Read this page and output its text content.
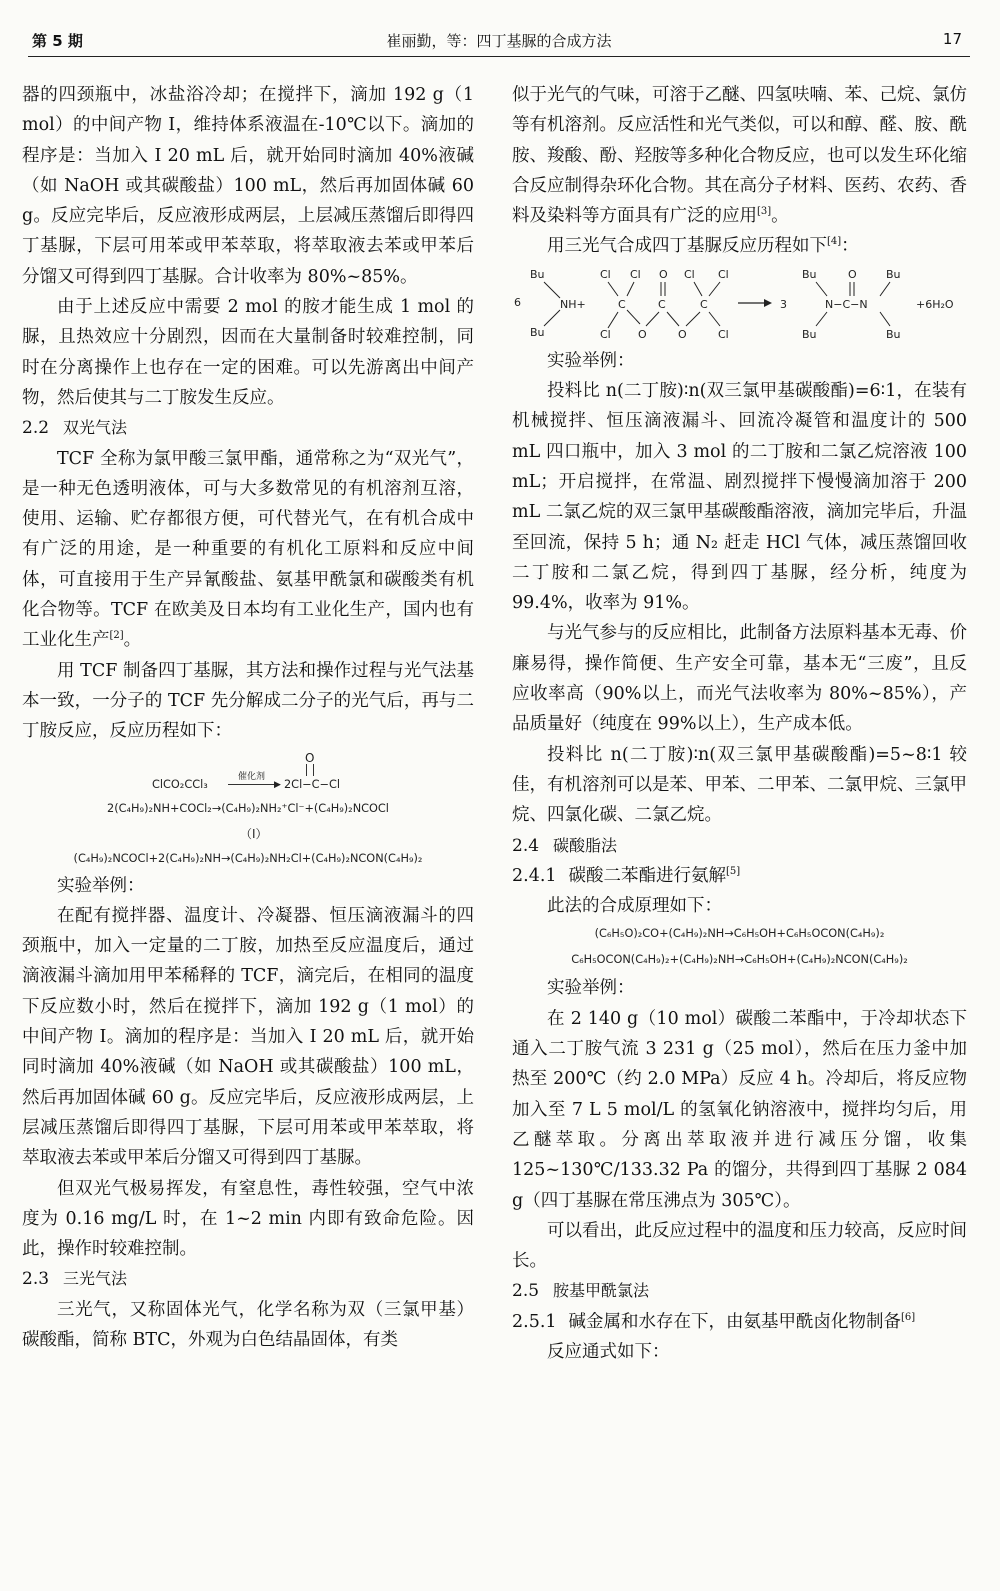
第 5 期	崔丽勤，等：四丁基脲的合成方法	17

器的四颈瓶中，冰盐浴冷却；在搅拌下，滴加 192 g（1 mol）的中间产物 I，维持体系液温在-10℃以下。滴加的程序是：当加入 I 20 mL 后，就开始同时滴加 40%液碱（如 NaOH 或其碳酸盐）100 mL，然后再加固体碱 60 g。反应完毕后，反应液形成两层，上层减压蒸馏后即得四丁基脲，下层可用苯或甲苯萃取，将萃取液去苯或甲苯后分馏又可得到四丁基脲。合计收率为 80%~85%。

由于上述反应中需要 2 mol 的胺才能生成 1 mol 的脲，且热效应十分剧烈，因而在大量制备时较难控制，同时在分离操作上也存在一定的困难。可以先游离出中间产物，然后使其与二丁胺发生反应。

2.2 双光气法

TCF 全称为氯甲酸三氯甲酯，通常称之为“双光气”，是一种无色透明液体，可与大多数常见的有机溶剂互溶，使用、运输、贮存都很方便，可代替光气，在有机合成中有广泛的用途，是一种重要的有机化工原料和反应中间体，可直接用于生产异氰酸盐、氨基甲酰氯和碳酸类有机化合物等。TCF 在欧美及日本均有工业化生产，国内也有工业化生产[2]。

用 TCF 制备四丁基脲，其方法和操作过程与光气法基本一致，一分子的 TCF 先分解成二分子的光气后，再与二丁胺反应，反应历程如下：

O
ClCO₂CCl₃
催化剂
▶ 2Cl−C−Cl
2(C₄H₉)₂NH+COCl₂→(C₄H₉)₂NH₂⁺Cl⁻+(C₄H₉)₂NCOCl
（I）
(C₄H₉)₂NCOCl+2(C₄H₉)₂NH→(C₄H₉)₂NH₂Cl+(C₄H₉)₂NCON(C₄H₉)₂

实验举例：

在配有搅拌器、温度计、冷凝器、恒压滴液漏斗的四颈瓶中，加入一定量的二丁胺，加热至反应温度后，通过滴液漏斗滴加用甲苯稀释的 TCF，滴完后，在相同的温度下反应数小时，然后在搅拌下，滴加 192 g（1 mol）的中间产物 I。滴加的程序是：当加入 I 20 mL 后，就开始同时滴加 40%液碱（如 NaOH 或其碳酸盐）100 mL，然后再加固体碱 60 g。反应完毕后，反应液形成两层，上层减压蒸馏后即得四丁基脲，下层可用苯或甲苯萃取，将萃取液去苯或甲苯后分馏又可得到四丁基脲。

但双光气极易挥发，有窒息性，毒性较强，空气中浓度为 0.16 mg/L 时，在 1~2 min 内即有致命危险。因此，操作时较难控制。

2.3 三光气法

三光气，又称固体光气，化学名称为双（三氯甲基）碳酸酯，简称 BTC，外观为白色结晶固体，有类

似于光气的气味，可溶于乙醚、四氢呋喃、苯、己烷、氯仿等有机溶剂。反应活性和光气类似，可以和醇、醛、胺、酰胺、羧酸、酚、羟胺等多种化合物反应，也可以发生环化缩合反应制得杂环化合物。其在高分子材料、医药、农药、香料及染料等方面具有广泛的应用[3]。

用三光气合成四丁基脲反应历程如下[4]：

6
Bu
Bu
NH+
Cl
Cl
C
Cl
O
C
O
O
C
Cl Cl
Cl
3
Bu
Bu
N−C−N
O	Bu
Bu
+6H₂O

实验举例：

投料比 n(二丁胺)∶n(双三氯甲基碳酸酯)=6∶1，在装有机械搅拌、恒压滴液漏斗、回流冷凝管和温度计的 500 mL 四口瓶中，加入 3 mol 的二丁胺和二氯乙烷溶液 100 mL；开启搅拌，在常温、剧烈搅拌下慢慢滴加溶于 200 mL 二氯乙烷的双三氯甲基碳酸酯溶液，滴加完毕后，升温至回流，保持 5 h；通 N₂ 赶走 HCl 气体，减压蒸馏回收二丁胺和二氯乙烷，得到四丁基脲，经分析，纯度为 99.4%，收率为 91%。

与光气参与的反应相比，此制备方法原料基本无毒、价廉易得，操作简便、生产安全可靠，基本无“三废”，且反应收率高（90%以上，而光气法收率为 80%~85%），产品质量好（纯度在 99%以上），生产成本低。

投料比 n(二丁胺)∶n(双三氯甲基碳酸酯)=5~8∶1 较佳，有机溶剂可以是苯、甲苯、二甲苯、二氯甲烷、三氯甲烷、四氯化碳、二氯乙烷。

2.4 碳酸脂法

2.4.1 碳酸二苯酯进行氨解[5]

此法的合成原理如下：

(C₆H₅O)₂CO+(C₄H₉)₂NH→C₆H₅OH+C₆H₅OCON(C₄H₉)₂
C₆H₅OCON(C₄H₉)₂+(C₄H₉)₂NH→C₆H₅OH+(C₄H₉)₂NCON(C₄H₉)₂

实验举例：

在 2 140 g（10 mol）碳酸二苯酯中，于冷却状态下通入二丁胺气流 3 231 g（25 mol），然后在压力釜中加热至 200℃（约 2.0 MPa）反应 4 h。冷却后，将反应物加入至 7 L 5 mol/L 的氢氧化钠溶液中，搅拌均匀后，用乙醚萃取。分离出萃取液并进行减压分馏，收集 125~130℃/133.32 Pa 的馏分，共得到四丁基脲 2 084 g（四丁基脲在常压沸点为 305℃）。

可以看出，此反应过程中的温度和压力较高，反应时间长。

2.5 胺基甲酰氯法

2.5.1 碱金属和水存在下，由氨基甲酰卤化物制备[6]

反应通式如下：
